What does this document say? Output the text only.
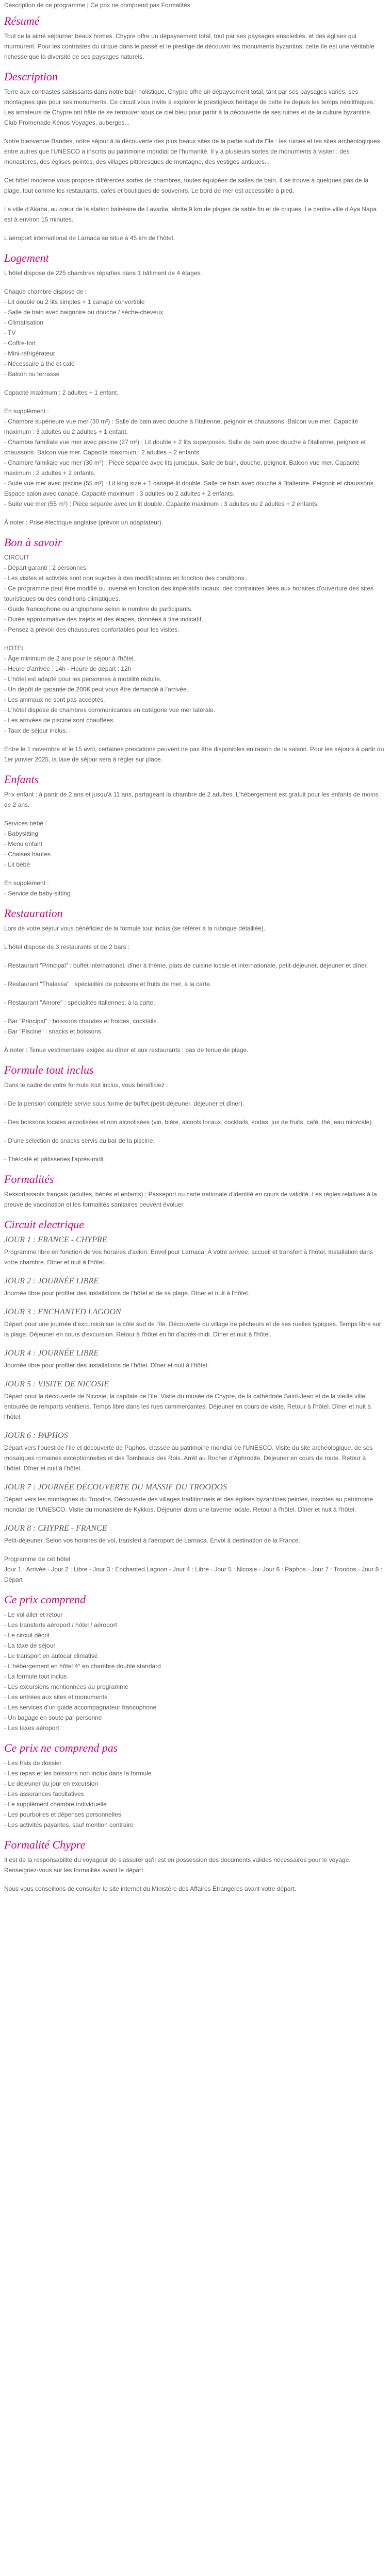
Description de ce programme | Ce prix ne comprend pas Formalités

Résumé

Tout ce la aimé séjourner beaux homes. Chypre offre un dépaysement total, tout par ses paysages ensoleillés, et des églises qui murmurent. Pour les contrastes du cirque dans le passé et le prestige de découvrir les monuments byzantins, cette île est une véritable richesse que la diversité de ses paysages naturels.

Description

Terre aux contrastes saisissants dans notre bain holistique, Chypre offre un dépaysement total, tant par ses paysages variés, ses montagnes que pour ses monuments. Ce circuit vous invite à explorer le prestigieux héritage de cette île depuis les temps néolithiques. Les amateurs de Chypre ont hâte de se retrouver sous ce ciel bleu pour partir à la découverte de ses ruines et de la culture byzantine. Club Promenade Kénos Voyages, auberges...

Notre bienvenue Bandes, notre séjour à la découverte des plus beaux sites de la partie sud de l'île : les ruines et les sites archéologiques, entre autres que l'UNESCO a inscrits au patrimoine mondial de l'humanité. Il y a plusieurs sortes de monuments à visiter : des monastères, des églises peintes, des villages pittoresques de montagne, des vestiges antiques...

Cet hôtel moderne vous propose différentes sortes de chambres, toutes équipées de salles de bain. Il se trouve à quelques pas de la plage, tout comme les restaurants, cafés et boutiques de souvenirs. Le bord de mer est accessible à pied.

La ville d'Akaba, au cœur de la station balnéaire de Lavadia, abrite 9 km de plages de sable fin et de criques. Le centre-ville d'Aya Napa est à environ 15 minutes.

L'aéroport international de Larnaca se situe à 45 km de l'hôtel.

Logement

L'hôtel dispose de 225 chambres réparties dans 1 bâtiment de 4 étages.

Chaque chambre dispose de :
- Lit double ou 2 lits simples + 1 canapé convertible
- Salle de bain avec baignoire ou douche / sèche-cheveux
- Climatisation
- TV
- Coffre-fort
- Mini-réfrigérateur
- Nécessaire à thé et café
- Balcon ou terrasse

Capacité maximum : 2 adultes + 1 enfant.

En supplément :
- Chambre supérieure vue mer (30 m²) : Salle de bain avec douche à l'italienne, peignoir et chaussons. Balcon vue mer. Capacité maximum : 3 adultes ou 2 adultes + 1 enfant.
- Chambre familiale vue mer avec piscine (27 m²) : Lit double + 2 lits superposés. Salle de bain avec douche à l'italienne, peignoir et chaussons. Balcon vue mer. Capacité maximum : 2 adultes + 2 enfants.
- Chambre familiale vue mer (30 m²) : Pièce séparée avec lits jumeaux. Salle de bain, douche, peignoir. Balcon vue mer. Capacité maximum : 2 adultes + 2 enfants.
- Suite vue mer avec piscine (55 m²) : Lit king size + 1 canapé-lit double. Salle de bain avec douche à l'italienne. Peignoir et chaussons. Espace salon avec canapé. Capacité maximum : 3 adultes ou 2 adultes + 2 enfants.
- Suite vue mer (55 m²) : Pièce séparée avec un lit double. Capacité maximum : 3 adultes ou 2 adultes + 2 enfants.

À noter : Prise électrique anglaise (prévoir un adaptateur).

Bon à savoir
CIRCUIT
- Départ garanti : 2 personnes
- Les visites et activités sont non sujettes à des modifications en fonction des conditions.
- Ce programme peut être modifié ou inversé en fonction des impératifs locaux, des contraintes liées aux horaires d'ouverture des sites touristiques ou des conditions climatiques.
- Guide francophone ou anglophone selon le nombre de participants.
- Durée approximative des trajets et des étapes, données à titre indicatif.
- Pensez à prévoir des chaussures confortables pour les visites.
HOTEL
- Âge minimum de 2 ans pour le séjour à l'hôtel.
- Heure d'arrivée : 14h - Heure de départ : 12h
- L'hôtel est adapté pour les personnes à mobilité réduite.
- Un dépôt de garantie de 200€ peut vous être demandé à l'arrivée.
- Les animaux ne sont pas acceptés.
- L'hôtel dispose de chambres communicantes en catégorie vue mer latérale.
- Les arrivées de piscine sont chauffées.
- Taux de séjour inclus.

Entre le 1 novembre et le 15 avril, certaines prestations peuvent ne pas être disponibles en raison de la saison. Pour les séjours à partir du 1er janvier 2025, la taxe de séjour sera à régler sur place.

Enfants

Prix enfant : à partir de 2 ans et jusqu'à 11 ans, partageant la chambre de 2 adultes. L'hébergement est gratuit pour les enfants de moins de 2 ans.

Services bébé :
- Babysitting
- Menu enfant
- Chaises hautes
- Lit bébé
En supplément :
- Service de baby-sitting
Restauration

Lors de votre séjour vous bénéficiez de la formule tout inclus (se référer à la rubrique détaillée).

L'hôtel dispose de 3 restaurants et de 2 bars :

- Restaurant "Principal" : buffet international, dîner à thème, plats de cuisine locale et internationale, petit-déjeuner, déjeuner et dîner.

- Restaurant "Thalassa" : spécialités de poissons et fruits de mer, à la carte.

- Restaurant "Amore" : spécialités italiennes, à la carte.

- Bar "Principal" : boissons chaudes et froides, cocktails.
- Bar "Piscine" : snacks et boissons.

À noter : Tenue vestimentaire exigée au dîner et aux restaurants : pas de tenue de plage.

Formule tout inclus

Dans le cadre de votre formule tout inclus, vous bénéficiez :

- De la pension complète servie sous forme de buffet (petit-déjeuner, déjeuner et dîner).

- Des boissons locales alcoolisées et non alcoolisées (vin, bière, alcools locaux, cocktails, sodas, jus de fruits, café, thé, eau minérale).

- D'une sélection de snacks servis au bar de la piscine.

- Thé/café et pâtisseries l'après-midi.

Formalités

Ressortissants français (adultes, bébés et enfants) : Passeport ou carte nationale d'identité en cours de validité. Les règles relatives à la preuve de vaccination et les formalités sanitaires peuvent évoluer.

Circuit electrique
JOUR 1 : FRANCE - CHYPRE

Programme libre en fonction de vos horaires d'avion. Envol pour Larnaca. À votre arrivée, accueil et transfert à l'hôtel. Installation dans votre chambre. Dîner et nuit à l'hôtel.

JOUR 2 : JOURNÉE LIBRE

Journée libre pour profiter des installations de l'hôtel et de sa plage. Dîner et nuit à l'hôtel.

JOUR 3 : ENCHANTED LAGOON

Départ pour une journée d'excursion sur la côte sud de l'île. Découverte du village de pêcheurs et de ses ruelles typiques. Temps libre sur la plage. Déjeuner en cours d'excursion. Retour à l'hôtel en fin d'après-midi. Dîner et nuit à l'hôtel.

JOUR 4 : JOURNÉE LIBRE

Journée libre pour profiter des installations de l'hôtel. Dîner et nuit à l'hôtel.

JOUR 5 : VISITE DE NICOSIE

Départ pour la découverte de Nicosie, la capitale de l'île. Visite du musée de Chypre, de la cathédrale Saint-Jean et de la vieille ville entourée de remparts vénitiens. Temps libre dans les rues commerçantes. Déjeuner en cours de visite. Retour à l'hôtel. Dîner et nuit à l'hôtel.

JOUR 6 : PAPHOS

Départ vers l'ouest de l'île et découverte de Paphos, classée au patrimoine mondial de l'UNESCO. Visite du site archéologique, de ses mosaïques romaines exceptionnelles et des Tombeaux des Rois. Arrêt au Rocher d'Aphrodite. Déjeuner en cours de route. Retour à l'hôtel. Dîner et nuit à l'hôtel.

JOUR 7 : JOURNÉE DÉCOUVERTE DU MASSIF DU TROODOS

Départ vers les montagnes du Troodos. Découverte des villages traditionnels et des églises byzantines peintes, inscrites au patrimoine mondial de l'UNESCO. Visite du monastère de Kykkos. Déjeuner dans une taverne locale. Retour à l'hôtel. Dîner et nuit à l'hôtel.

JOUR 8 : CHYPRE - FRANCE

Petit-déjeuner. Selon vos horaires de vol, transfert à l'aéroport de Larnaca. Envol à destination de la France.

Programme de cet hôtel
Jour 1 : Arrivée - Jour 2 : Libre - Jour 3 : Enchanted Lagoon - Jour 4 : Libre - Jour 5 : Nicosie - Jour 6 : Paphos - Jour 7 : Troodos - Jour 8 : Départ
Ce prix comprend
- Le vol aller et retour
- Les transferts aéroport / hôtel / aéroport
- Le circuit décrit
- La taxe de séjour
- Le transport en autocar climatisé
- L'hébergement en hôtel 4* en chambre double standard
- La formule tout inclus
- Les excursions mentionnées au programme
- Les entrées aux sites et monuments
- Les services d'un guide accompagnateur francophone
- Un bagage en soute par personne
- Les taxes aéroport
Ce prix ne comprend pas
- Les frais de dossier
- Les repas et les boissons non inclus dans la formule
- Le déjeuner du jour en excursion
- Les assurances facultatives
- Le supplément chambre individuelle
- Les pourboires et dépenses personnelles
- Les activités payantes, sauf mention contraire
Formalité Chypre

Il est de la responsabilité du voyageur de s'assurer qu'il est en possession des documents valides nécessaires pour le voyage. Renseignez-vous sur les formalités avant le départ.

Nous vous conseillons de consulter le site internet du Ministère des Affaires Étrangères avant votre départ.
